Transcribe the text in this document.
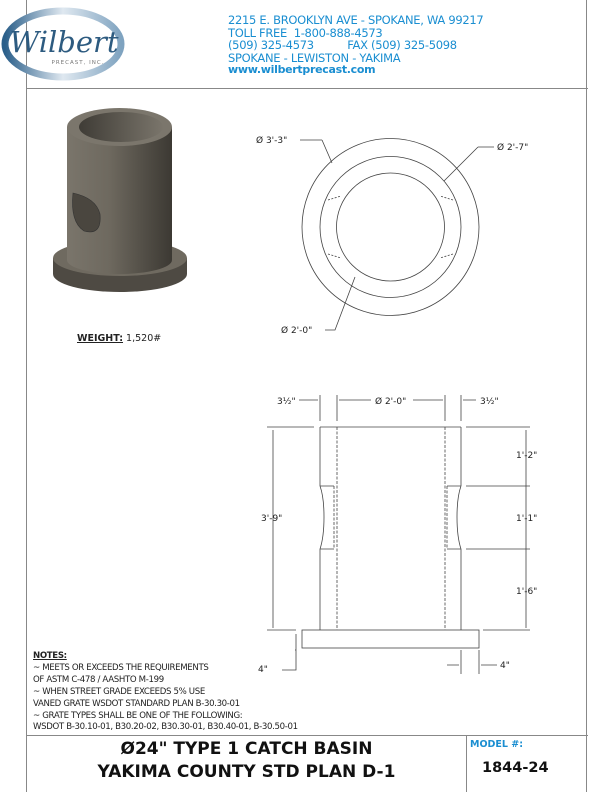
Wilbert
PRECAST, INC.
Ø 3'-3"
Ø 2'-7"
Ø 2'-0"
3½"	Ø 2'-0"	3½"
3'-9"
1'-2"
1'-1"
1'-6"
4"	4"
2215 E. BROOKLYN AVE - SPOKANE, WA 99217
TOLL FREE  1-800-888-4573
(509) 325-4573          FAX (509) 325-5098
SPOKANE - LEWISTON - YAKIMA
www.wilbertprecast.com
WEIGHT: 1,520#
NOTES:
~ MEETS OR EXCEEDS THE REQUIREMENTS
OF ASTM C-478 / AASHTO M-199
~ WHEN STREET GRADE EXCEEDS 5% USE
VANED GRATE WSDOT STANDARD PLAN B-30.30-01
~ GRATE TYPES SHALL BE ONE OF THE FOLLOWING:
WSDOT B-30.10-01, B30.20-02, B30.30-01, B30.40-01, B-30.50-01
Ø24" TYPE 1 CATCH BASIN
YAKIMA COUNTY STD PLAN D-1
MODEL #:
1844-24
